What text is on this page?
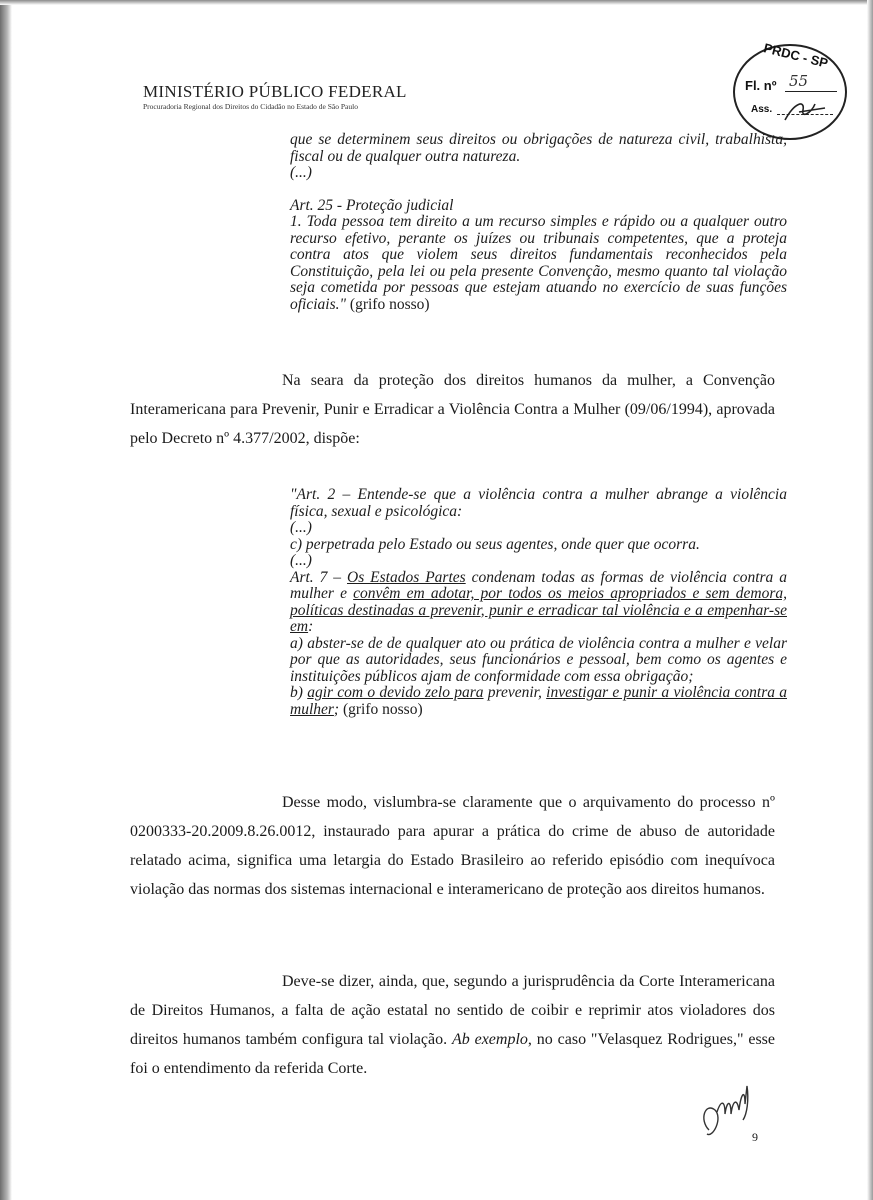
MINISTÉRIO PÚBLICO FEDERAL
Procuradoria Regional dos Direitos do Cidadão no Estado de São Paulo
PRDC - SP
Fl. nº 55
Ass.

que se determinem seus direitos ou obrigações de natureza civil, trabalhista, fiscal ou de qualquer outra natureza.

(...)

Art. 25 - Proteção judicial

1. Toda pessoa tem direito a um recurso simples e rápido ou a qualquer outro recurso efetivo, perante os juízes ou tribunais competentes, que a proteja contra atos que violem seus direitos fundamentais reconhecidos pela Constituição, pela lei ou pela presente Convenção, mesmo quanto tal violação seja cometida por pessoas que estejam atuando no exercício de suas funções oficiais." (grifo nosso)

Na seara da proteção dos direitos humanos da mulher, a Convenção Interamericana para Prevenir, Punir e Erradicar a Violência Contra a Mulher (09/06/1994), aprovada pelo Decreto nº 4.377/2002, dispõe:

"Art. 2 – Entende-se que a violência contra a mulher abrange a violência física, sexual e psicológica:

(...)

c) perpetrada pelo Estado ou seus agentes, onde quer que ocorra.

(...)

Art. 7 – Os Estados Partes condenam todas as formas de violência contra a mulher e convêm em adotar, por todos os meios apropriados e sem demora, políticas destinadas a prevenir, punir e erradicar tal violência e a empenhar-se em:

a) abster-se de de qualquer ato ou prática de violência contra a mulher e velar por que as autoridades, seus funcionários e pessoal, bem como os agentes e instituições públicos ajam de conformidade com essa obrigação;

b) agir com o devido zelo para prevenir, investigar e punir a violência contra a mulher; (grifo nosso)

Desse modo, vislumbra-se claramente que o arquivamento do processo nº 0200333-20.2009.8.26.0012, instaurado para apurar a prática do crime de abuso de autoridade relatado acima, significa uma letargia do Estado Brasileiro ao referido episódio com inequívoca violação das normas dos sistemas internacional e interamericano de proteção aos direitos humanos.

Deve-se dizer, ainda, que, segundo a jurisprudência da Corte Interamericana de Direitos Humanos, a falta de ação estatal no sentido de coibir e reprimir atos violadores dos direitos humanos também configura tal violação. Ab exemplo, no caso "Velasquez Rodrigues," esse foi o entendimento da referida Corte.

9
